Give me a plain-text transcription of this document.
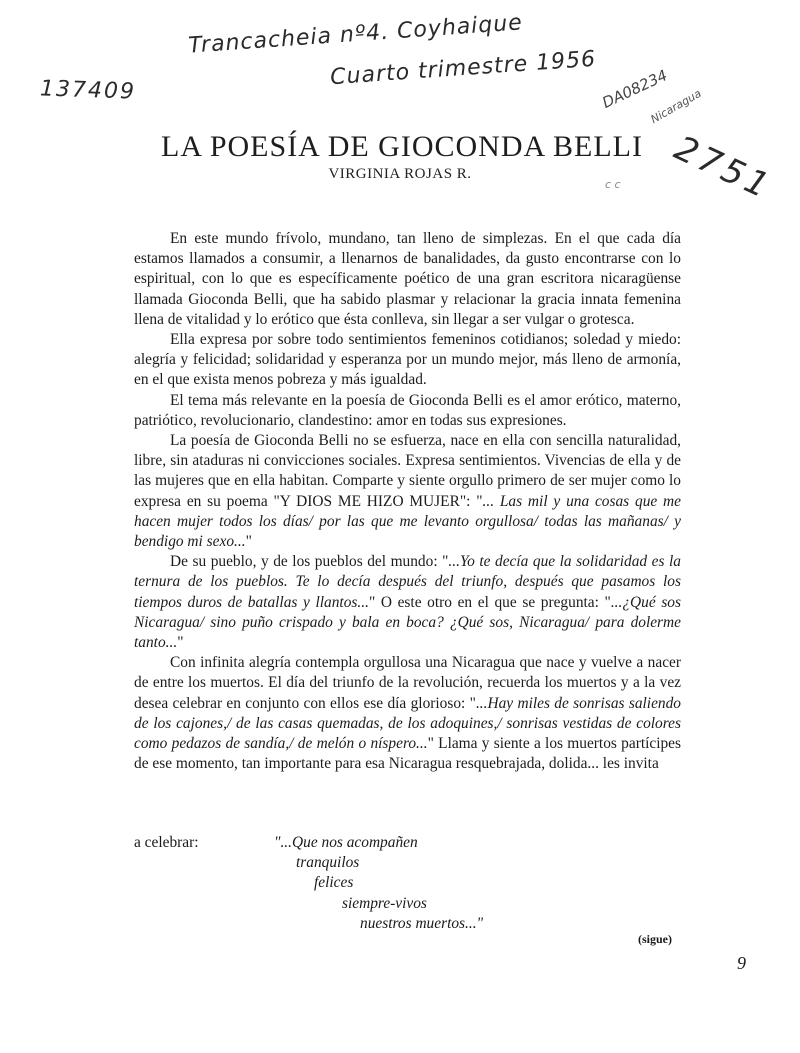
Trancacheia nº4. Coyhaique
Cuarto trimestre 1956
137409	DA08234
Nicaragua
2751
c c
LA POESÍA DE GIOCONDA BELLI
VIRGINIA ROJAS R.

En este mundo frívolo, mundano, tan lleno de simplezas. En el que cada día estamos llamados a consumir, a llenarnos de banalidades, da gusto encontrarse con lo espiritual, con lo que es específicamente poético de una gran escritora nicaragüense llamada Gioconda Belli, que ha sabido plasmar y relacionar la gracia innata femenina llena de vitalidad y lo erótico que ésta conlleva, sin llegar a ser vulgar o grotesca.

Ella expresa por sobre todo sentimientos femeninos cotidianos; soledad y miedo: alegría y felicidad; solidaridad y esperanza por un mundo mejor, más lleno de armonía, en el que exista menos pobreza y más igualdad.

El tema más relevante en la poesía de Gioconda Belli es el amor erótico, materno, patriótico, revolucionario, clandestino: amor en todas sus expresiones.

La poesía de Gioconda Belli no se esfuerza, nace en ella con sencilla naturalidad, libre, sin ataduras ni convicciones sociales. Expresa sentimientos. Vivencias de ella y de las mujeres que en ella habitan. Comparte y siente orgullo primero de ser mujer como lo expresa en su poema "Y DIOS ME HIZO MUJER": "... Las mil y una cosas que me hacen mujer todos los días/ por las que me levanto orgullosa/ todas las mañanas/ y bendigo mi sexo..."

De su pueblo, y de los pueblos del mundo: "...Yo te decía que la solidaridad es la ternura de los pueblos. Te lo decía después del triunfo, después que pasamos los tiempos duros de batallas y llantos..." O este otro en el que se pregunta: "...¿Qué sos Nicaragua/ sino puño crispado y bala en boca? ¿Qué sos, Nicaragua/ para dolerme tanto..."

Con infinita alegría contempla orgullosa una Nicaragua que nace y vuelve a nacer de entre los muertos. El día del triunfo de la revolución, recuerda los muertos y a la vez desea celebrar en conjunto con ellos ese día glorioso: "...Hay miles de sonrisas saliendo de los cajones,/ de las casas quemadas, de los adoquines,/ sonrisas vestidas de colores como pedazos de sandía,/ de melón o níspero..." Llama y siente a los muertos partícipes de ese momento, tan importante para esa Nicaragua resquebrajada, dolida... les invita

a celebrar:	"...Que nos acompañen
tranquilos
felices
siempre-vivos
nuestros muertos..."
(sigue)
9
